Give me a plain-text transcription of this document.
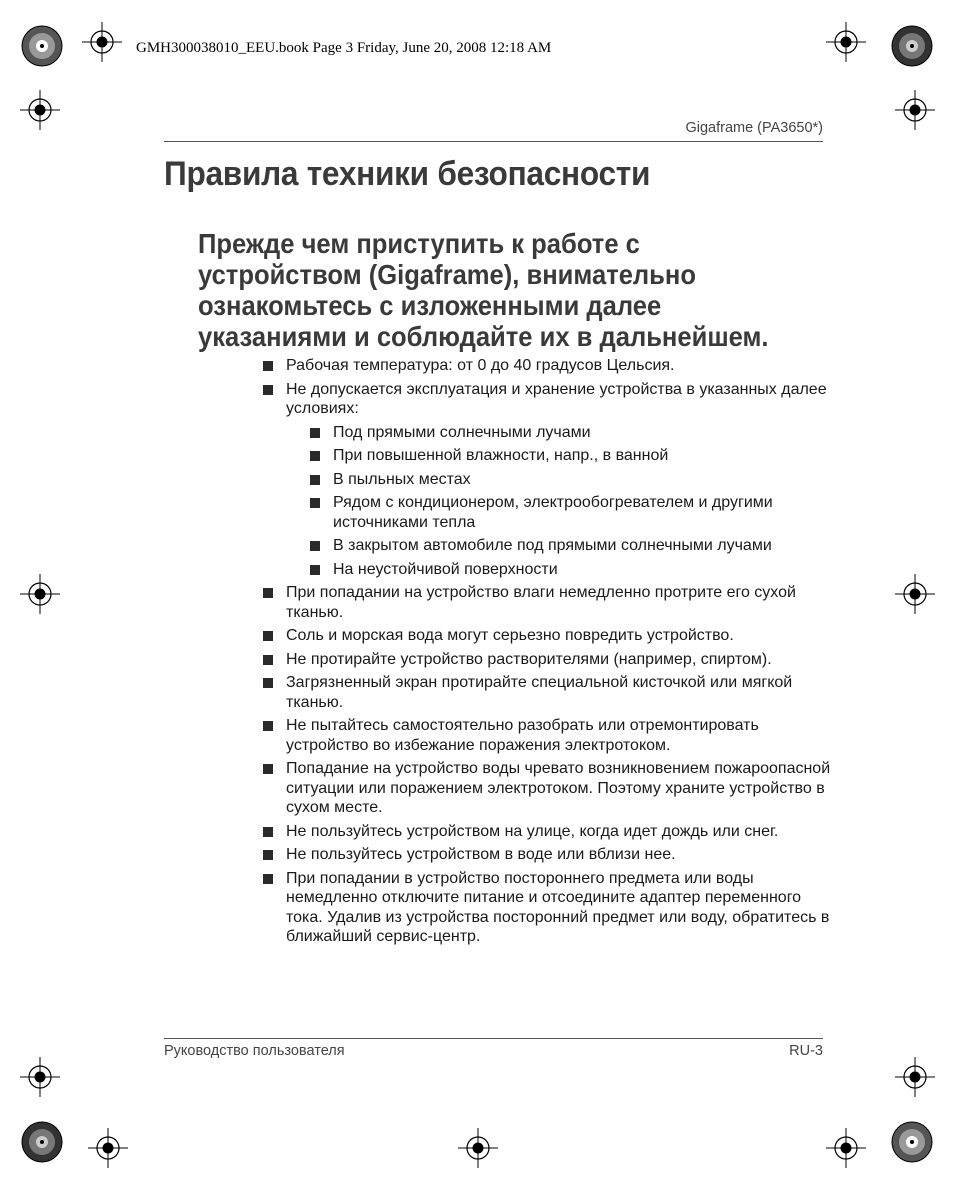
GMH300038010_EEU.book Page 3 Friday, June 20, 2008 12:18 AM
Gigaframe (PA3650*)
Правила техники безопасности
Прежде чем приступить к работе с
устройством (Gigaframe), внимательно
ознакомьтесь с изложенными далее
указаниями и соблюдайте их в дальнейшем.
Рабочая температура: от 0 до 40 градусов Цельсия.
Не допускается эксплуатация и хранение устройства в указанных далее условиях:
Под прямыми солнечными лучами
При повышенной влажности, напр., в ванной
В пыльных местах
Рядом с кондиционером, электрообогревателем и другими источниками тепла
В закрытом автомобиле под прямыми солнечными лучами
На неустойчивой поверхности
При попадании на устройство влаги немедленно протрите его сухой тканью.
Соль и морская вода могут серьезно повредить устройство.
Не протирайте устройство растворителями (например, спиртом).
Загрязненный экран протирайте специальной кисточкой или мягкой тканью.
Не пытайтесь самостоятельно разобрать или отремонтировать устройство во избежание поражения электротоком.
Попадание на устройство воды чревато возникновением пожароопасной ситуации или поражением электротоком. Поэтому храните устройство в сухом месте.
Не пользуйтесь устройством на улице, когда идет дождь или снег.
Не пользуйтесь устройством в воде или вблизи нее.
При попадании в устройство постороннего предмета или воды немедленно отключите питание и отсоедините адаптер переменного тока. Удалив из устройства посторонний предмет или воду, обратитесь в ближайший сервис-центр.
Руководство пользователя	RU-3
